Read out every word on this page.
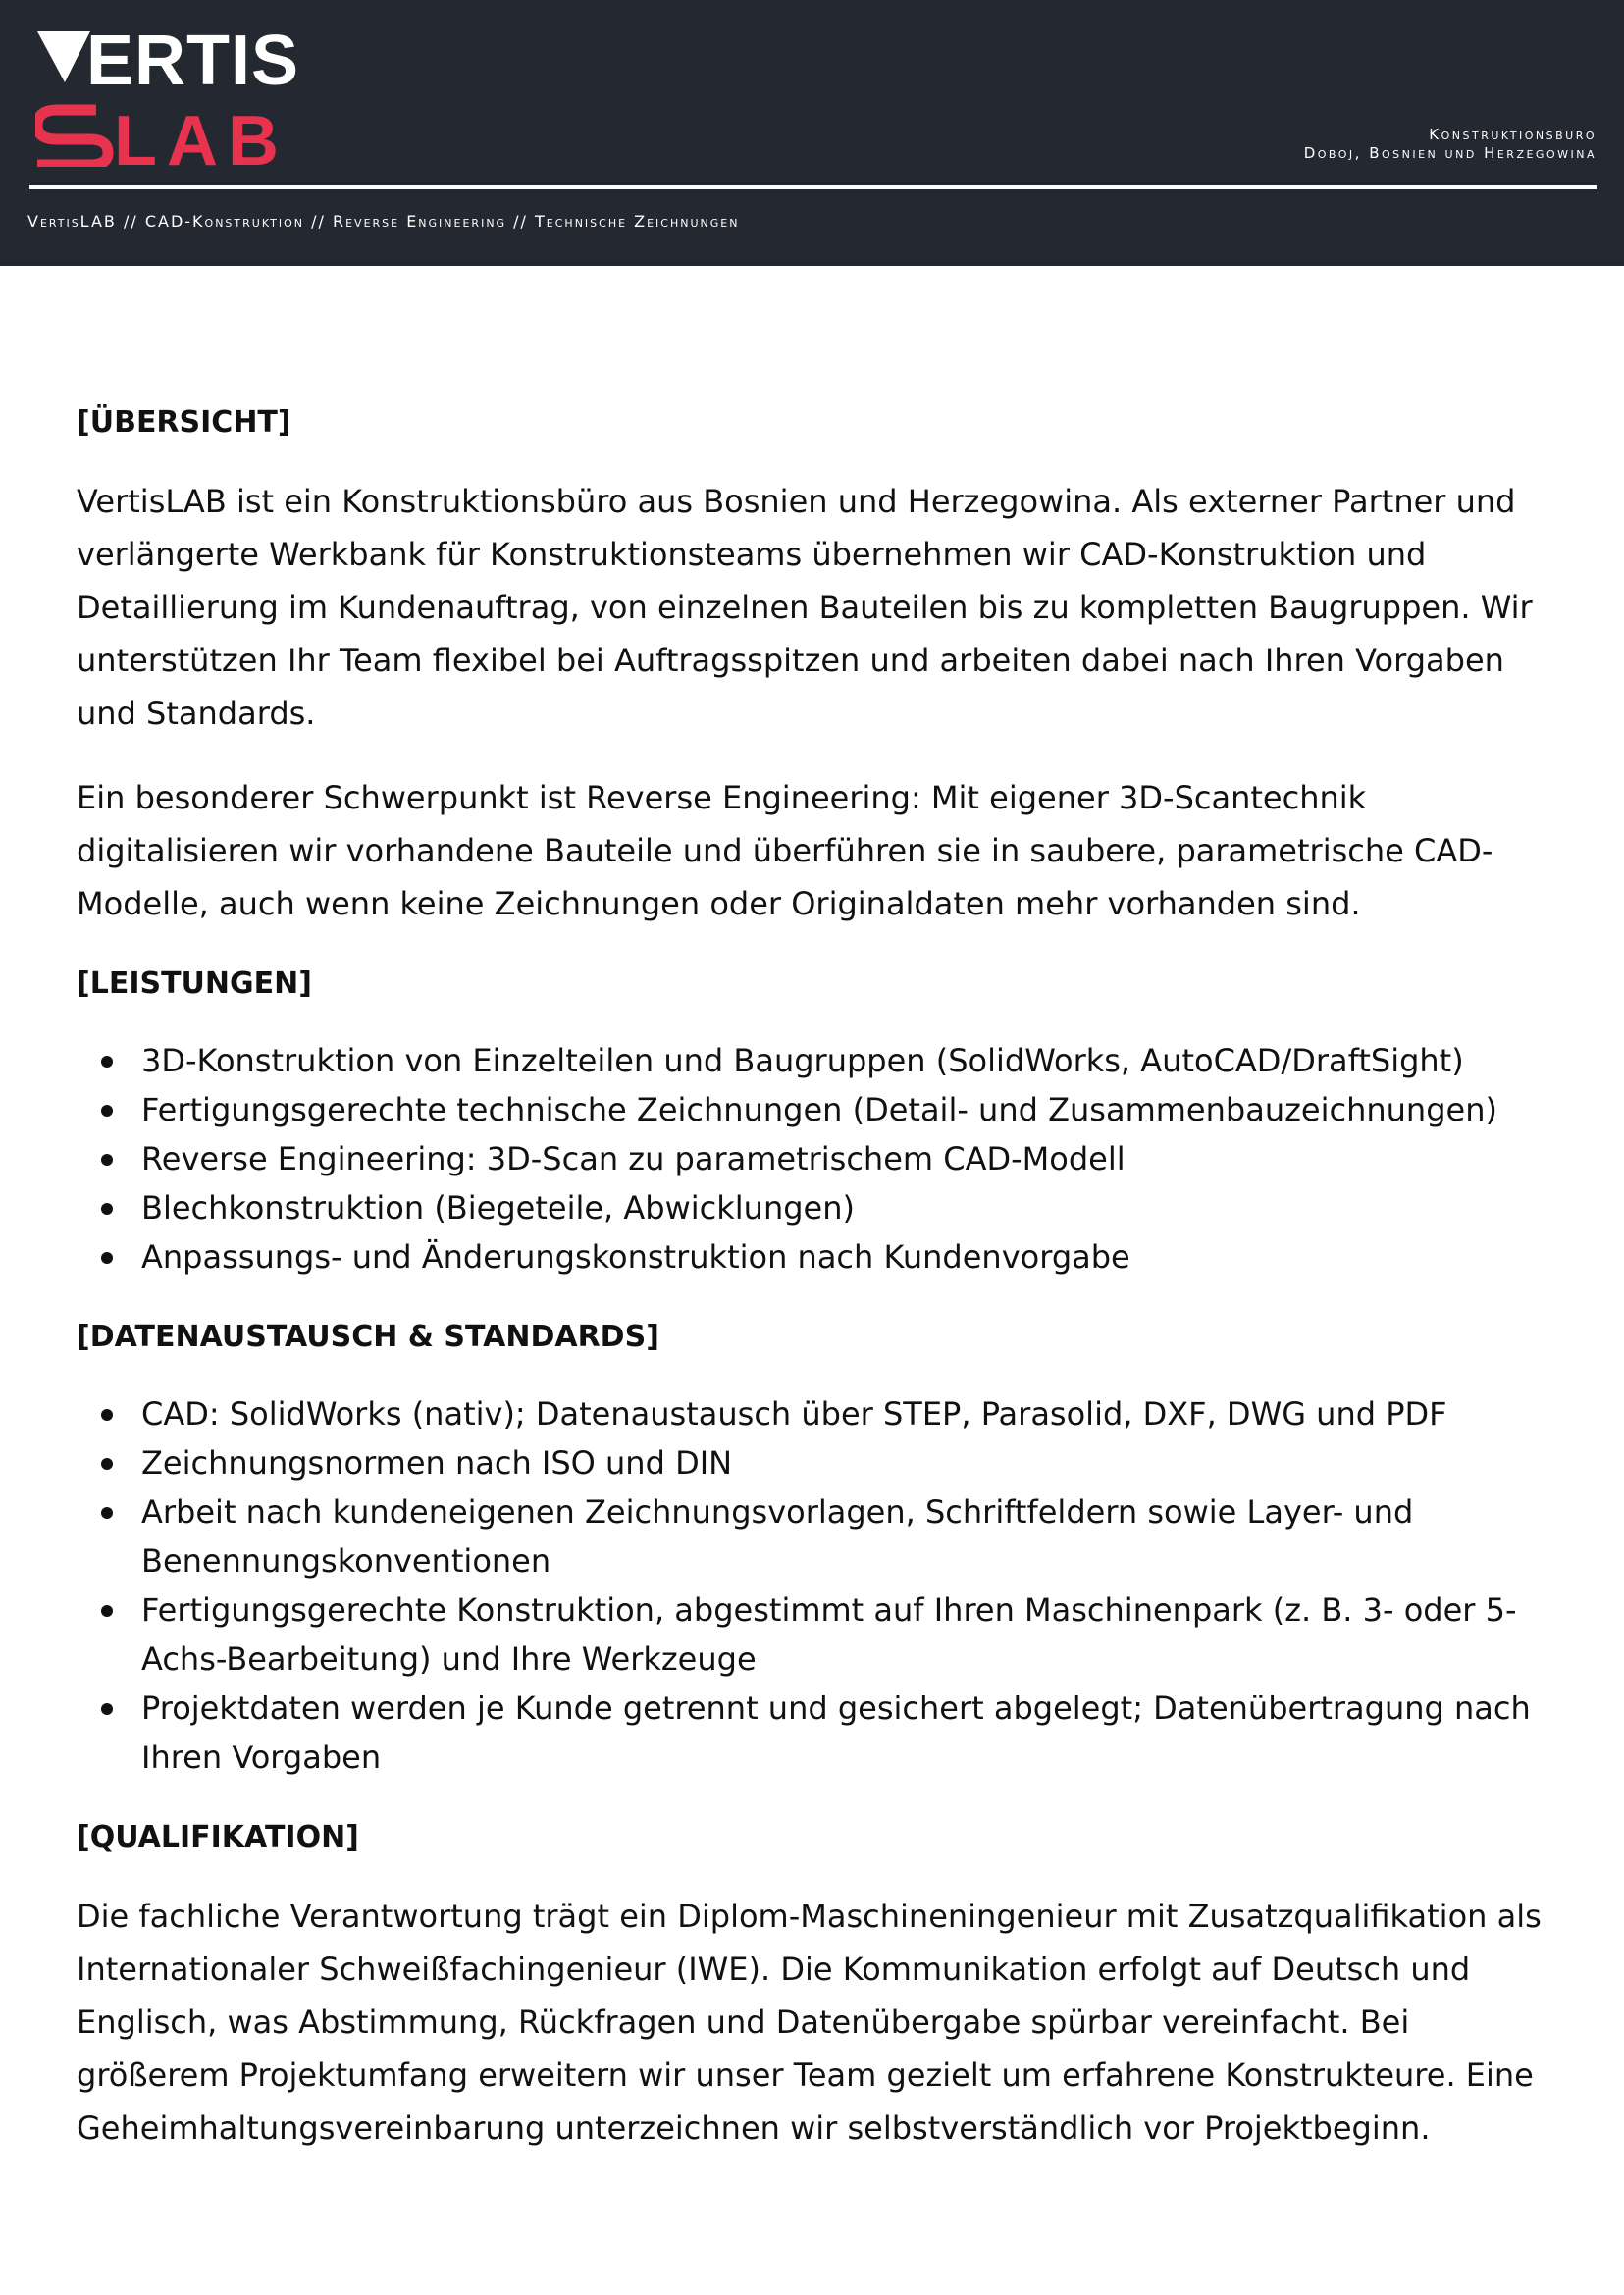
ERTIS
LAB	Konstruktionsbüro
Doboj, Bosnien und Herzegowina
VertisLAB // CAD-Konstruktion // Reverse Engineering // Technische Zeichnungen
[ÜBERSICHT]

VertisLAB ist ein Konstruktionsbüro aus Bosnien und Herzegowina. Als externer Partner und verlängerte Werkbank für Konstruktionsteams übernehmen wir CAD-Konstruktion und Detaillierung im Kundenauftrag, von einzelnen Bauteilen bis zu kompletten Baugruppen. Wir unterstützen Ihr Team flexibel bei Auftragsspitzen und arbeiten dabei nach Ihren Vorgaben und Standards.

Ein besonderer Schwerpunkt ist Reverse Engineering: Mit eigener 3D-Scantechnik digitalisieren wir vorhandene Bauteile und überführen sie in saubere, parametrische CAD-Modelle, auch wenn keine Zeichnungen oder Originaldaten mehr vorhanden sind.

[LEISTUNGEN]
3D-Konstruktion von Einzelteilen und Baugruppen (SolidWorks, AutoCAD/DraftSight)
Fertigungsgerechte technische Zeichnungen (Detail- und Zusammenbauzeichnungen)
Reverse Engineering: 3D-Scan zu parametrischem CAD-Modell
Blechkonstruktion (Biegeteile, Abwicklungen)
Anpassungs- und Änderungskonstruktion nach Kundenvorgabe
[DATENAUSTAUSCH & STANDARDS]
CAD: SolidWorks (nativ); Datenaustausch über STEP, Parasolid, DXF, DWG und PDF
Zeichnungsnormen nach ISO und DIN
Arbeit nach kundeneigenen Zeichnungsvorlagen, Schriftfeldern sowie Layer- und Benennungskonventionen
Fertigungsgerechte Konstruktion, abgestimmt auf Ihren Maschinenpark (z. B. 3- oder 5-Achs-Bearbeitung) und Ihre Werkzeuge
Projektdaten werden je Kunde getrennt und gesichert abgelegt; Datenübertragung nach Ihren Vorgaben
[QUALIFIKATION]

Die fachliche Verantwortung trägt ein Diplom-Maschineningenieur mit Zusatzqualifikation als Internationaler Schweißfachingenieur (IWE). Die Kommunikation erfolgt auf Deutsch und Englisch, was Abstimmung, Rückfragen und Datenübergabe spürbar vereinfacht. Bei größerem Projektumfang erweitern wir unser Team gezielt um erfahrene Konstrukteure. Eine Geheimhaltungsvereinbarung unterzeichnen wir selbstverständlich vor Projektbeginn.
